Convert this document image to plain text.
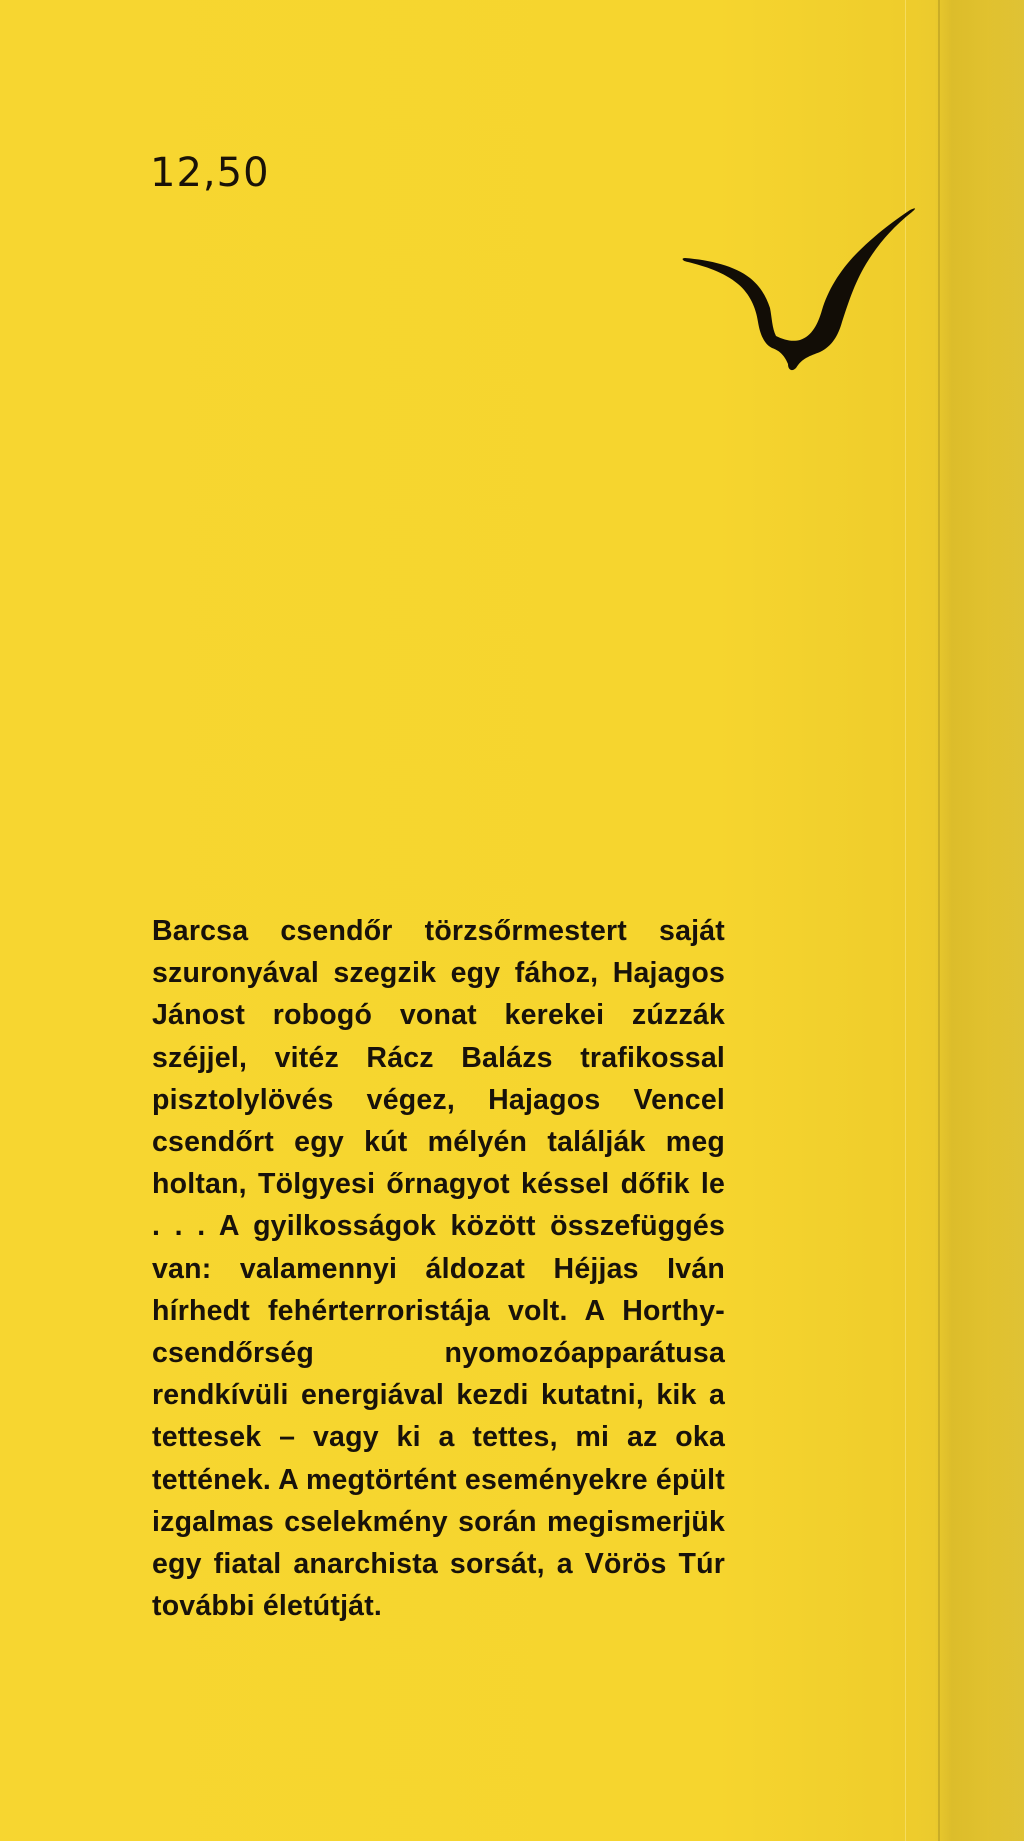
12,50

Barcsa csendőr törzsőrmestert saját szuronyával szegzik egy fához, Hajagos Jánost robogó vonat kerekei zúzzák széjjel, vitéz Rácz Balázs trafikossal pisztolylövés végez, Hajagos Vencel csendőrt egy kút mélyén találják meg holtan, Tölgyesi őrnagyot késsel dőfik le . . . A gyilkosságok között összefüggés van: valamennyi áldozat Héjjas Iván hírhedt fehérterroristája volt. A Horthy-csendőrség nyomozóapparátusa rendkívüli energiával kezdi kutatni, kik a tettesek – vagy ki a tettes, mi az oka tettének. A megtörtént eseményekre épült izgalmas cselekmény során megismerjük egy fiatal anarchista sorsát, a Vörös Túr további életútját.
